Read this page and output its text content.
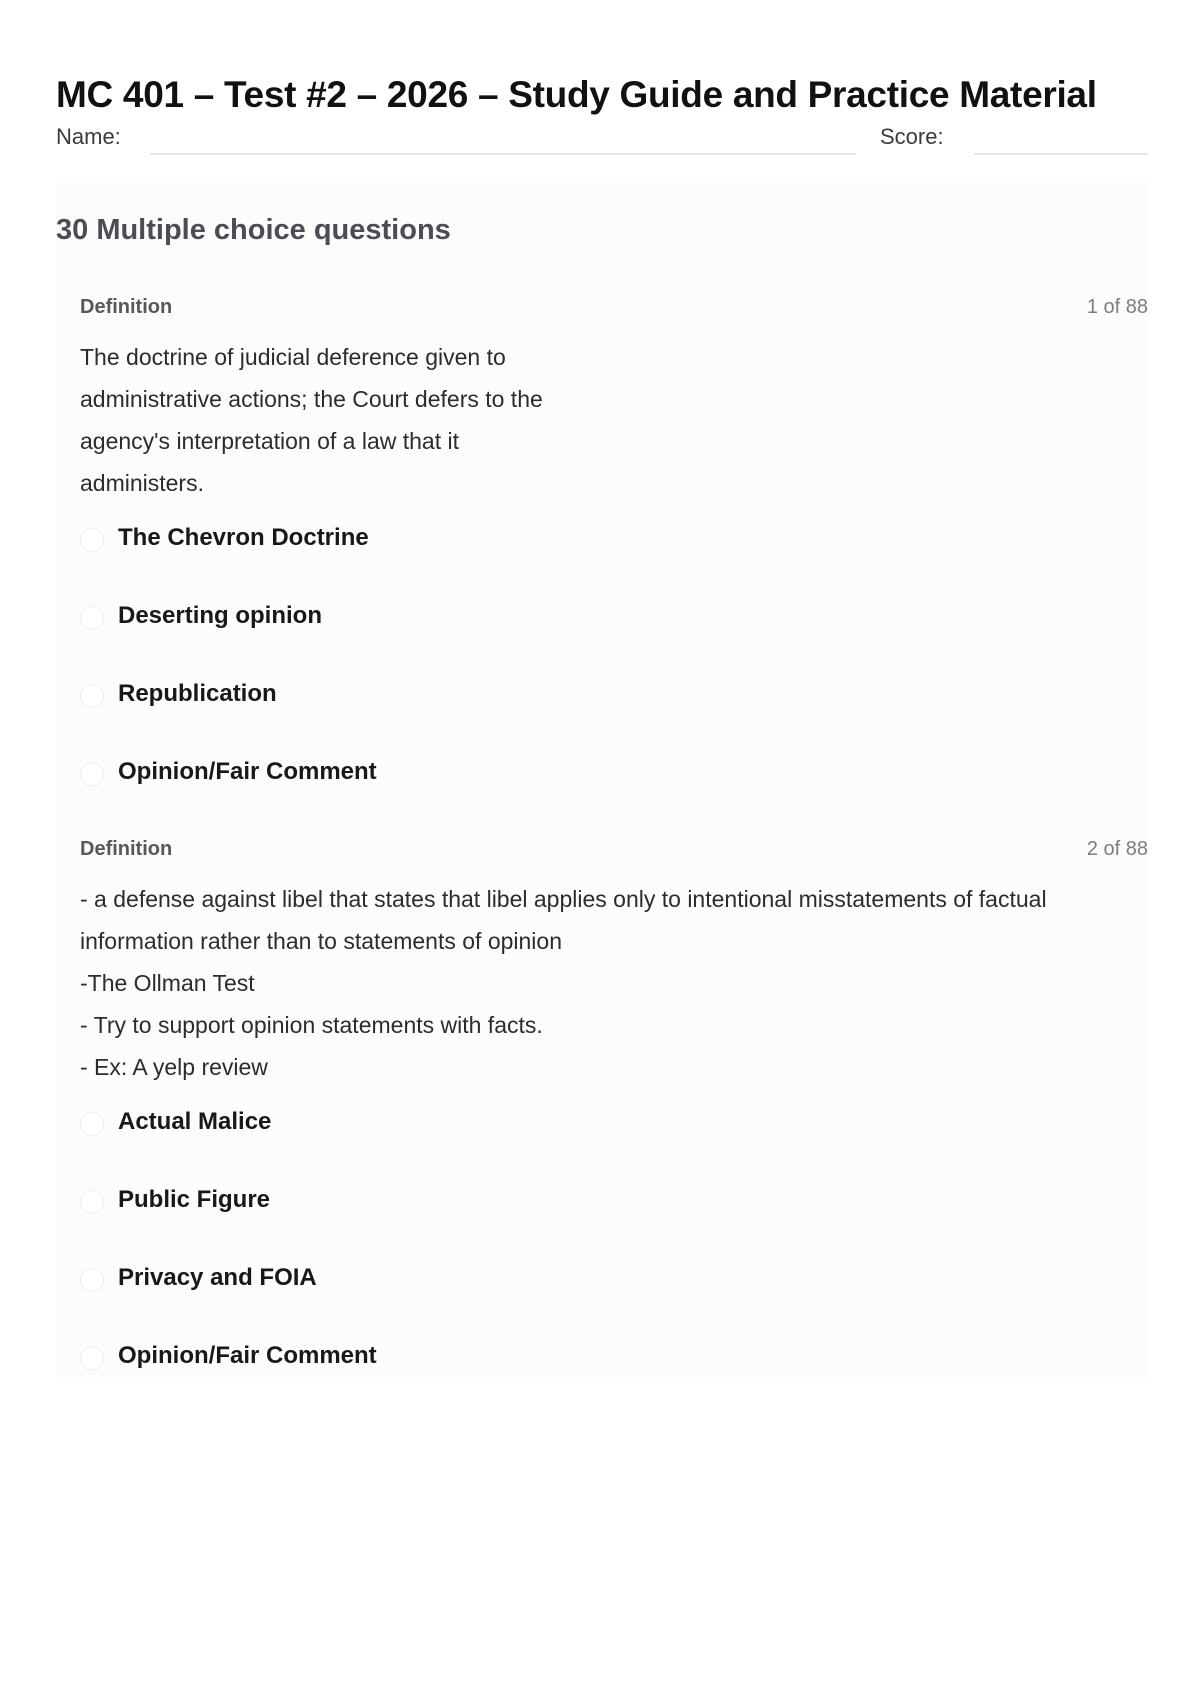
MC 401 – Test #2 – 2026 – Study Guide and Practice Material
Name:	Score:
30 Multiple choice questions
Definition	1 of 88
The doctrine of judicial deference given to
administrative actions; the Court defers to the
agency's interpretation of a law that it
administers.
The Chevron Doctrine
Deserting opinion
Republication
Opinion/Fair Comment
Definition	2 of 88
- a defense against libel that states that libel applies only to intentional misstatements of factual
information rather than to statements of opinion
-The Ollman Test
- Try to support opinion statements with facts.
- Ex: A yelp review
Actual Malice
Public Figure
Privacy and FOIA
Opinion/Fair Comment
